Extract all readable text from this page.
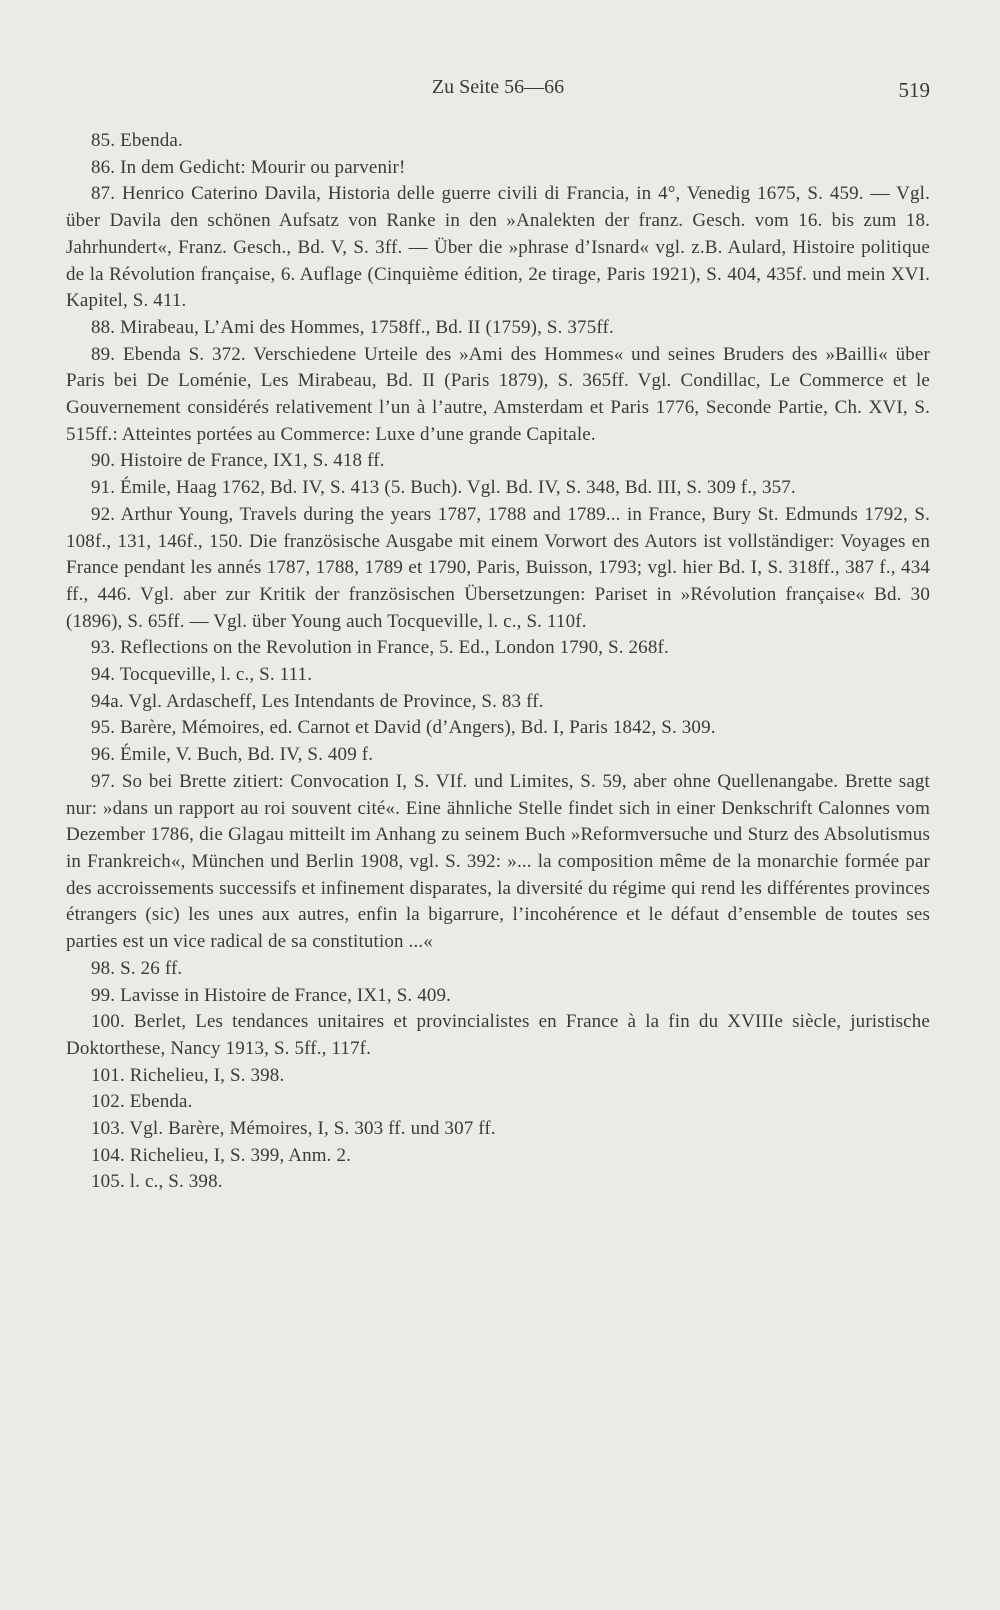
Zu Seite 56—66	519

85. Ebenda.

86. In dem Gedicht: Mourir ou parvenir!

87. Henrico Caterino Davila, Historia delle guerre civili di Francia, in 4°, Venedig 1675, S. 459. — Vgl. über Davila den schönen Aufsatz von Ranke in den »Analekten der franz. Gesch. vom 16. bis zum 18. Jahrhundert«, Franz. Gesch., Bd. V, S. 3ff. — Über die »phrase d’Isnard« vgl. z.B. Aulard, Histoire politique de la Révolution française, 6. Auflage (Cinquième édition, 2e tirage, Paris 1921), S. 404, 435f. und mein XVI. Kapitel, S. 411.

88. Mirabeau, L’Ami des Hommes, 1758ff., Bd. II (1759), S. 375ff.

89. Ebenda S. 372. Verschiedene Urteile des »Ami des Hommes« und seines Bruders des »Bailli« über Paris bei De Loménie, Les Mirabeau, Bd. II (Paris 1879), S. 365ff. Vgl. Condillac, Le Commerce et le Gouvernement considérés relativement l’un à l’autre, Amsterdam et Paris 1776, Seconde Partie, Ch. XVI, S. 515ff.: Atteintes portées au Commerce: Luxe d’une grande Capitale.

90. Histoire de France, IX1, S. 418 ff.

91. Émile, Haag 1762, Bd. IV, S. 413 (5. Buch). Vgl. Bd. IV, S. 348, Bd. III, S. 309 f., 357.

92. Arthur Young, Travels during the years 1787, 1788 and 1789... in France, Bury St. Edmunds 1792, S. 108f., 131, 146f., 150. Die französische Ausgabe mit einem Vorwort des Autors ist vollständiger: Voyages en France pendant les annés 1787, 1788, 1789 et 1790, Paris, Buisson, 1793; vgl. hier Bd. I, S. 318ff., 387 f., 434 ff., 446. Vgl. aber zur Kritik der französischen Übersetzungen: Pariset in »Révolution française« Bd. 30 (1896), S. 65ff. — Vgl. über Young auch Tocqueville, l. c., S. 110f.

93. Reflections on the Revolution in France, 5. Ed., London 1790, S. 268f.

94. Tocqueville, l. c., S. 111.

94a. Vgl. Ardascheff, Les Intendants de Province, S. 83 ff.

95. Barère, Mémoires, ed. Carnot et David (d’Angers), Bd. I, Paris 1842, S. 309.

96. Émile, V. Buch, Bd. IV, S. 409 f.

97. So bei Brette zitiert: Convocation I, S. VIf. und Limites, S. 59, aber ohne Quellenangabe. Brette sagt nur: »dans un rapport au roi souvent cité«. Eine ähnliche Stelle findet sich in einer Denkschrift Calonnes vom Dezember 1786, die Glagau mitteilt im Anhang zu seinem Buch »Reformversuche und Sturz des Absolutismus in Frankreich«, München und Berlin 1908, vgl. S. 392: »... la composition même de la monarchie formée par des accroissements successifs et infinement disparates, la diversité du régime qui rend les différentes provinces étrangers (sic) les unes aux autres, enfin la bigarrure, l’incohérence et le défaut d’ensemble de toutes ses parties est un vice radical de sa constitution ...«

98. S. 26 ff.

99. Lavisse in Histoire de France, IX1, S. 409.

100. Berlet, Les tendances unitaires et provincialistes en France à la fin du XVIIIe siècle, juristische Doktorthese, Nancy 1913, S. 5ff., 117f.

101. Richelieu, I, S. 398.

102. Ebenda.

103. Vgl. Barère, Mémoires, I, S. 303 ff. und 307 ff.

104. Richelieu, I, S. 399, Anm. 2.

105. l. c., S. 398.
